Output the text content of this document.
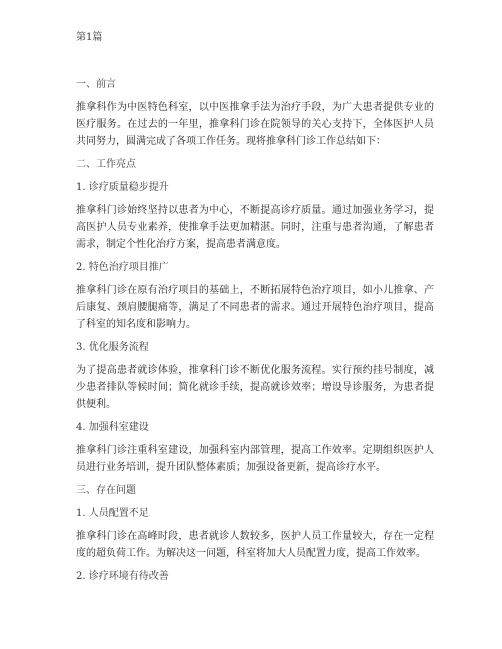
第1篇
一、前言
推拿科作为中医特色科室，以中医推拿手法为治疗手段，为广大患者提供专业的医疗服务。在过去的一年里，推拿科门诊在院领导的关心支持下，全体医护人员共同努力，圆满完成了各项工作任务。现将推拿科门诊工作总结如下：
二、工作亮点
1. 诊疗质量稳步提升
推拿科门诊始终坚持以患者为中心，不断提高诊疗质量。通过加强业务学习，提高医护人员专业素养，使推拿手法更加精湛。同时，注重与患者沟通，了解患者需求，制定个性化治疗方案，提高患者满意度。
2. 特色治疗项目推广
推拿科门诊在原有治疗项目的基础上，不断拓展特色治疗项目，如小儿推拿、产后康复、颈肩腰腿痛等，满足了不同患者的需求。通过开展特色治疗项目，提高了科室的知名度和影响力。
3. 优化服务流程
为了提高患者就诊体验，推拿科门诊不断优化服务流程。实行预约挂号制度，减少患者排队等候时间；简化就诊手续，提高就诊效率；增设导诊服务，为患者提供便利。
4. 加强科室建设
推拿科门诊注重科室建设，加强科室内部管理，提高工作效率。定期组织医护人员进行业务培训，提升团队整体素质；加强设备更新，提高诊疗水平。
三、存在问题
1. 人员配置不足
推拿科门诊在高峰时段，患者就诊人数较多，医护人员工作量较大，存在一定程度的超负荷工作。为解决这一问题，科室将加大人员配置力度，提高工作效率。
2. 诊疗环境有待改善
